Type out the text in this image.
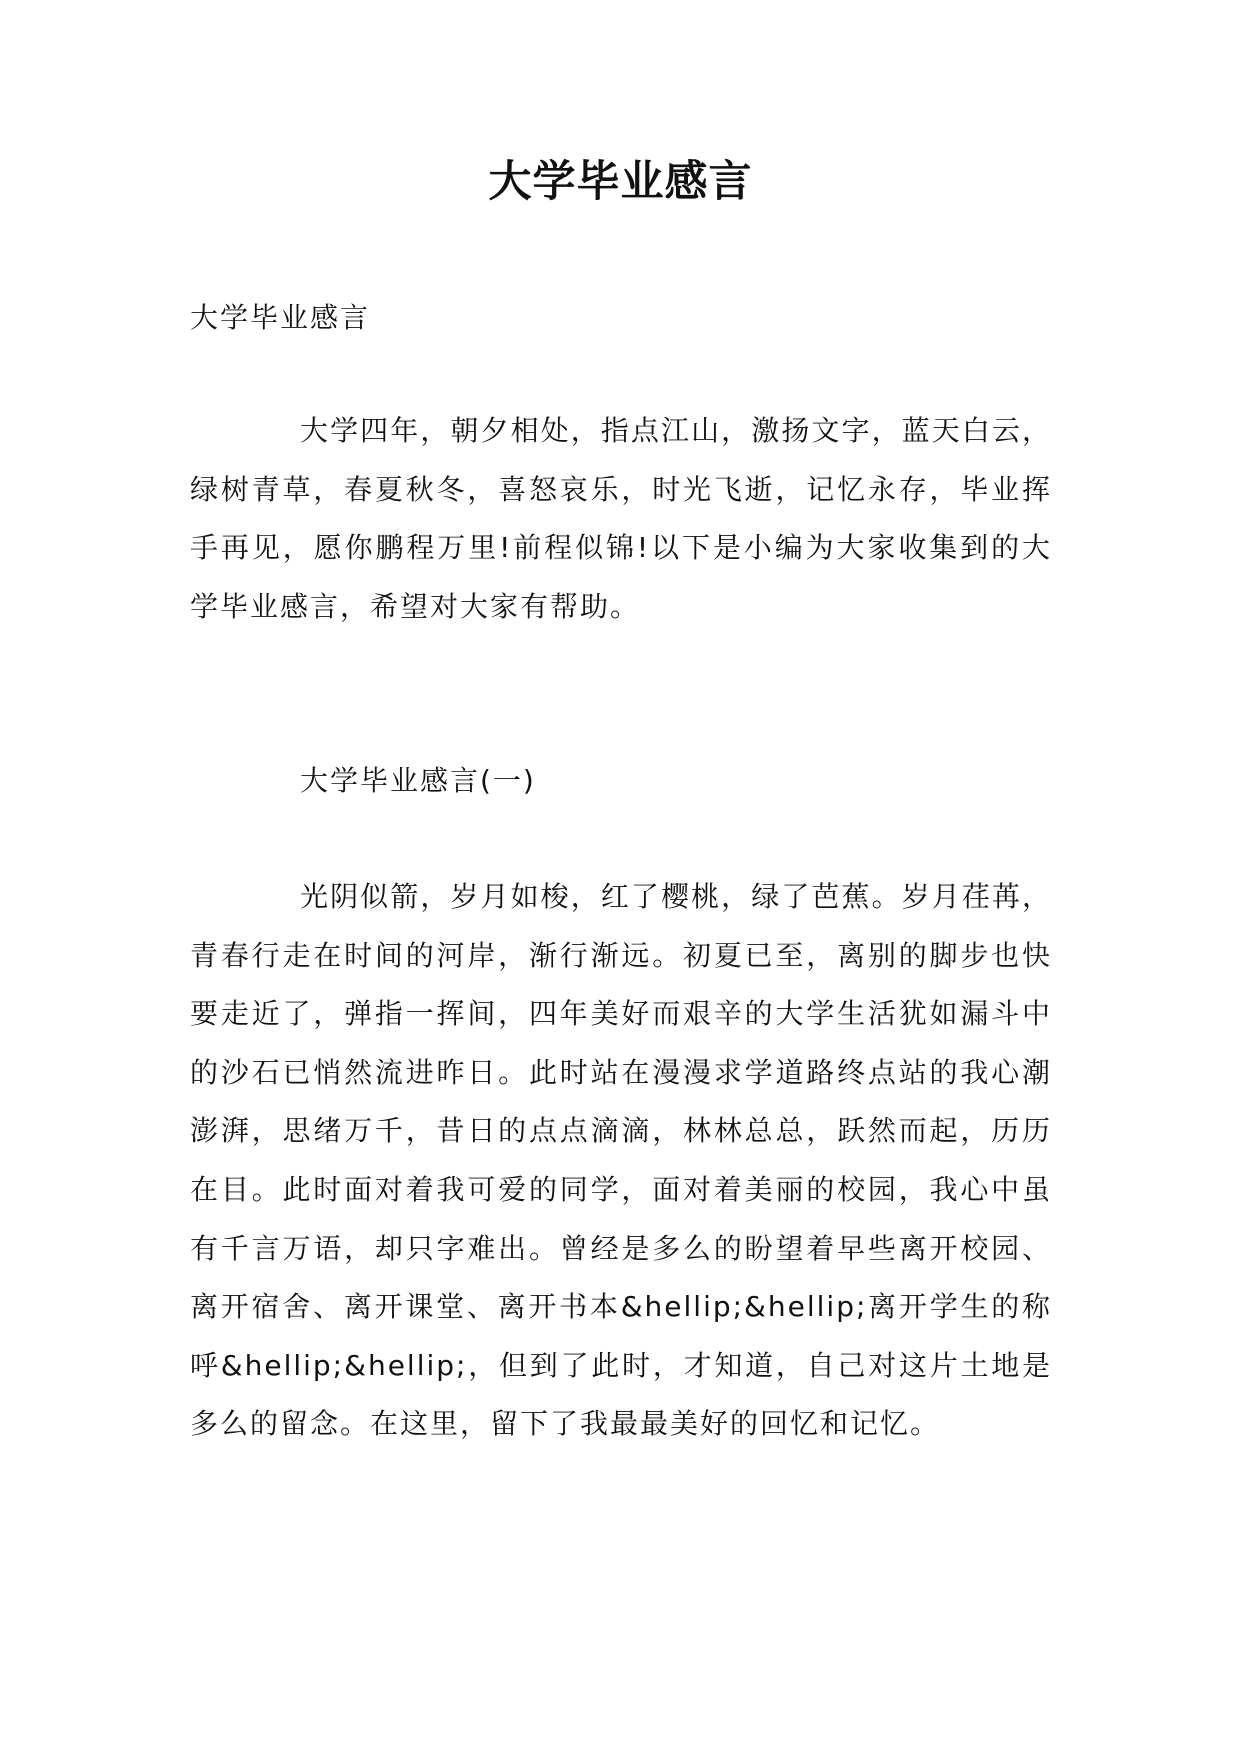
大学毕业感言

大学毕业感言

大学四年，朝夕相处，指点江山，激扬文字，蓝天白云，绿树青草，春夏秋冬，喜怒哀乐，时光飞逝，记忆永存，毕业挥手再见，愿你鹏程万里!前程似锦!以下是小编为大家收集到的大学毕业感言，希望对大家有帮助。

大学毕业感言(一)

光阴似箭，岁月如梭，红了樱桃，绿了芭蕉。岁月荏苒，青春行走在时间的河岸，渐行渐远。初夏已至，离别的脚步也快要走近了，弹指一挥间，四年美好而艰辛的大学生活犹如漏斗中的沙石已悄然流进昨日。此时站在漫漫求学道路终点站的我心潮澎湃，思绪万千，昔日的点点滴滴，林林总总，跃然而起，历历在目。此时面对着我可爱的同学，面对着美丽的校园，我心中虽有千言万语，却只字难出。曾经是多么的盼望着早些离开校园、离开宿舍、离开课堂、离开书本&hellip;&hellip;离开学生的称呼&hellip;&hellip;，但到了此时，才知道，自己对这片土地是多么的留念。在这里，留下了我最最美好的回忆和记忆。
